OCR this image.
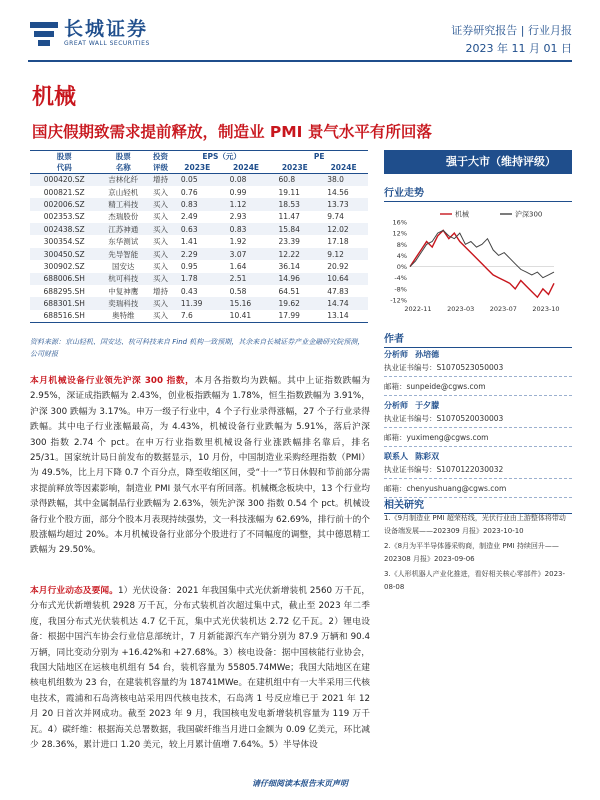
长城证券
GREAT WALL SECURITIES
证券研究报告 | 行业月报
2023 年 11 月 01 日
机械
国庆假期致需求提前释放，制造业 PMI 景气水平有所回落
股票	股票	投资	EPS（元）		PE	
代码	名称	评级	2023E	2024E	2023E	2024E
000420.SZ	吉林化纤	增持	0.05	0.08	60.8	38.0
000821.SZ	京山轻机	买入	0.76	0.99	19.11	14.56
002006.SZ	精工科技	买入	0.83	1.12	18.53	13.73
002353.SZ	杰瑞股份	买入	2.49	2.93	11.47	9.74
002438.SZ	江苏神通	买入	0.63	0.83	15.84	12.02
300354.SZ	东华测试	买入	1.41	1.92	23.39	17.18
300450.SZ	先导智能	买入	2.29	3.07	12.22	9.12
300902.SZ	国安达	买入	0.95	1.64	36.14	20.92
688006.SH	杭可科技	买入	1.78	2.51	14.96	10.64
688295.SH	中复神鹰	增持	0.43	0.58	64.51	47.83
688301.SH	奕瑞科技	买入	11.39	15.16	19.62	14.74
688516.SH	奥特维	买入	7.6	10.41	17.99	13.14
资料来源：京山轻机、国安达、杭可科技来自 Find 机构一致预期，其余来自长城证券产业金融研究院预测，公司财报
强于大市（维持评级）
行业走势
16%
12%
8%
4%
0%
-4%
-8%
-12%
2022-11 2023-03 2023-07 2023-10
机械	沪深300
作者
分析师 孙培德
执业证书编号：S1070523050003
邮箱：sunpeide@cgws.com
分析师 于夕朦
执业证书编号：S1070520030003
邮箱：yuximeng@cgws.com
联系人 陈彩双
执业证书编号：S1070122030032
邮箱：chenyushuang@cgws.com
相关研究

1.《9月制造业 PMI 超荣枯线，光伏行业由上游整体将带动设备端发展——202309 月报》2023-10-10

2.《8月为平半导体器采购商，制造业 PMI 持续回升——202308 月报》2023-09-06

3.《人形机器人产业化推进，看好相关核心零部件》2023-08-08

本月机械设备行业领先沪深 300 指数，本月各指数均为跌幅。其中上证指数跌幅为 2.95%，深证成指跌幅为 2.43%，创业板指跌幅为 1.78%，恒生指数跌幅为 3.91%，沪深 300 跌幅为 3.17%。申万一级子行业中，4 个子行业录得涨幅，27 个子行业录得跌幅。其中电子行业涨幅最高，为 4.43%，机械设备行业跌幅为 5.91%，落后沪深 300 指数 2.74 个 pct。在申万行业指数里机械设备行业涨跌幅排名靠后，排名 25/31。国家统计局日前发布的数据显示，10 月份，中国制造业采购经理指数（PMI）为 49.5%，比上月下降 0.7 个百分点，降至收缩区间，受“十一”节日休假和节前部分需求提前释放等因素影响，制造业 PMI 景气水平有所回落。机械概念板块中，13 个行业均录得跌幅，其中金属制品行业跌幅为 2.63%，领先沪深 300 指数 0.54 个 pct。机械设备行业个股方面，部分个股本月表现持续强势，文一科技涨幅为 62.69%，排行前十的个股涨幅均超过 20%。本月机械设备行业部分个股进行了不同幅度的调整，其中德恩精工跌幅为 29.50%。
本月行业动态及要闻。1）光伏设备：2021 年我国集中式光伏新增装机 2560 万千瓦，分布式光伏新增装机 2928 万千瓦，分布式装机首次超过集中式，截止至 2023 年二季度，我国分布式光伏装机达 4.7 亿千瓦，集中式光伏装机达 2.72 亿千瓦。2）锂电设备：根据中国汽车协会行业信息部统计，7 月新能源汽车产销分别为 87.9 万辆和 90.4 万辆，同比变动分别为 +16.42%和 +27.68%。3）核电设备：据中国核能行业协会，我国大陆地区在运核电机组有 54 台，装机容量为 55805.74MWe；我国大陆地区在建核电机组数为 23 台，在建装机容量约为 18741MWe。在建机组中有一大半采用三代核电技术，霞浦和石岛湾核电站采用四代核电技术，石岛湾 1 号反应堆已于 2021 年 12 月 20 日首次并网成功。截至 2023 年 9 月，我国核电发电新增装机容量为 119 万千瓦。4）碳纤维：根据海关总署数据，我国碳纤维当月进口金额为 0.09 亿美元，环比减少 28.36%，累计进口 1.20 美元，较上月累计值增 7.64%。5）半导体设
请仔细阅读本报告末页声明
